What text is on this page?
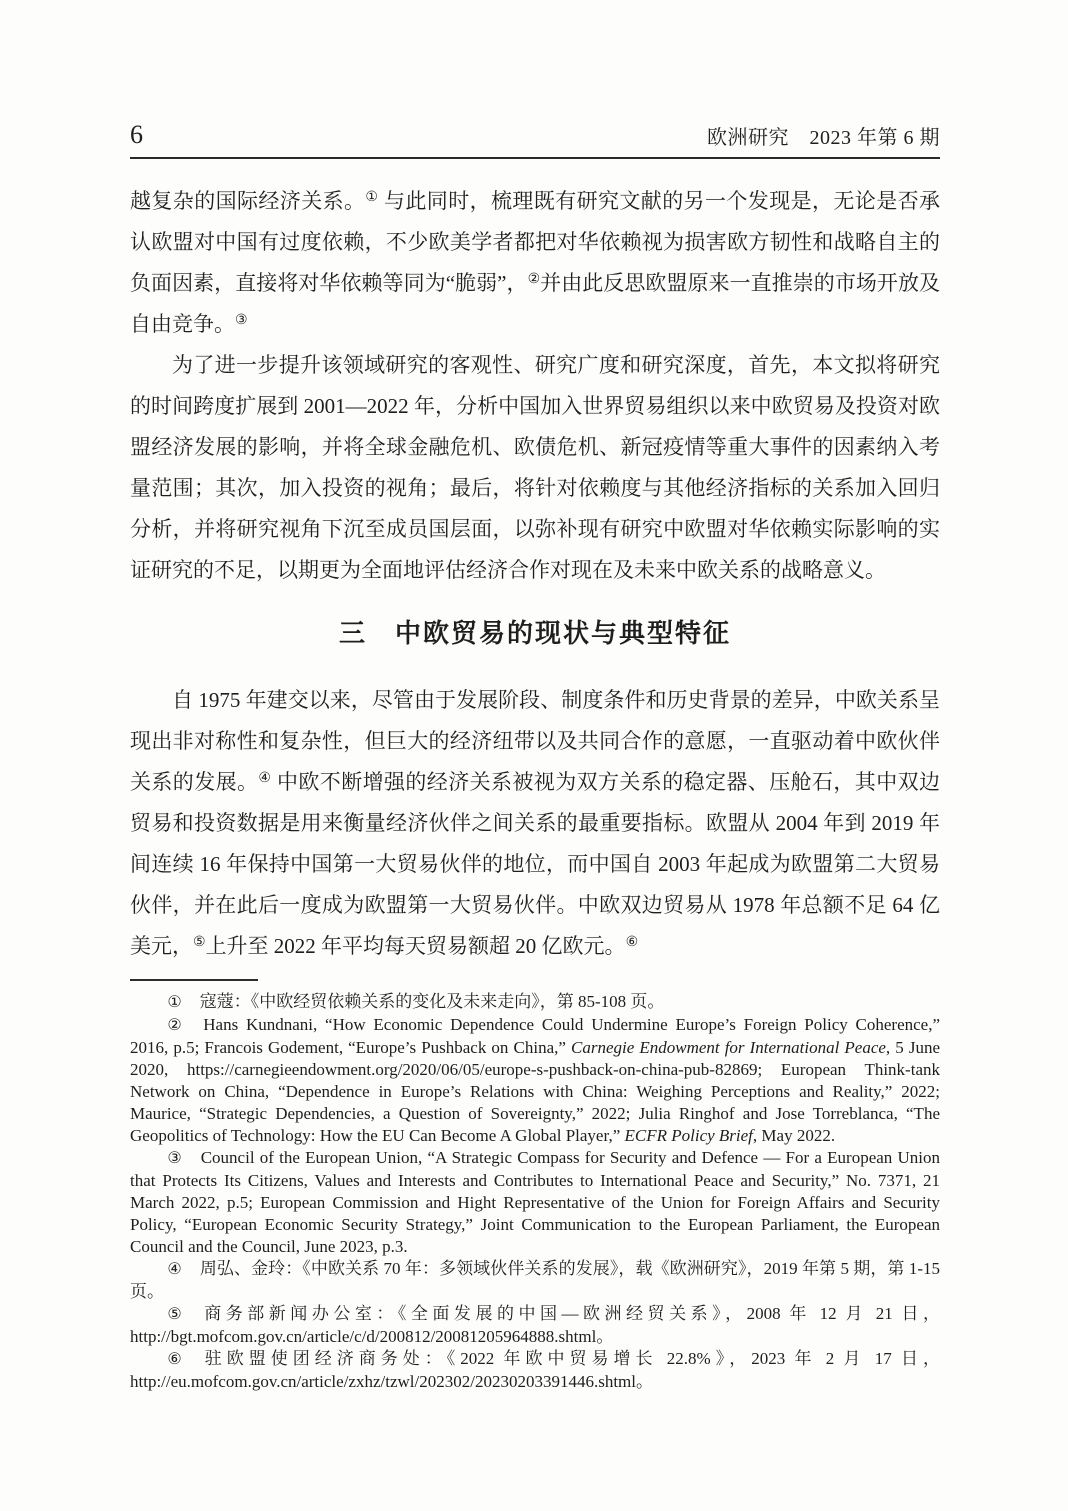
6	欧洲研究　2023 年第 6 期

越复杂的国际经济关系。① 与此同时，梳理既有研究文献的另一个发现是，无论是否承认欧盟对中国有过度依赖，不少欧美学者都把对华依赖视为损害欧方韧性和战略自主的负面因素，直接将对华依赖等同为“脆弱”，②并由此反思欧盟原来一直推崇的市场开放及自由竞争。③

为了进一步提升该领域研究的客观性、研究广度和研究深度，首先，本文拟将研究的时间跨度扩展到 2001—2022 年，分析中国加入世界贸易组织以来中欧贸易及投资对欧盟经济发展的影响，并将全球金融危机、欧债危机、新冠疫情等重大事件的因素纳入考量范围；其次，加入投资的视角；最后，将针对依赖度与其他经济指标的关系加入回归分析，并将研究视角下沉至成员国层面，以弥补现有研究中欧盟对华依赖实际影响的实证研究的不足，以期更为全面地评估经济合作对现在及未来中欧关系的战略意义。

三　中欧贸易的现状与典型特征

自 1975 年建交以来，尽管由于发展阶段、制度条件和历史背景的差异，中欧关系呈现出非对称性和复杂性，但巨大的经济纽带以及共同合作的意愿，一直驱动着中欧伙伴关系的发展。④ 中欧不断增强的经济关系被视为双方关系的稳定器、压舱石，其中双边贸易和投资数据是用来衡量经济伙伴之间关系的最重要指标。欧盟从 2004 年到 2019 年间连续 16 年保持中国第一大贸易伙伴的地位，而中国自 2003 年起成为欧盟第二大贸易伙伴，并在此后一度成为欧盟第一大贸易伙伴。中欧双边贸易从 1978 年总额不足 64 亿美元，⑤上升至 2022 年平均每天贸易额超 20 亿欧元。⑥

① 寇蔻：《中欧经贸依赖关系的变化及未来走向》，第 85-108 页。

② Hans Kundnani, “How Economic Dependence Could Undermine Europe’s Foreign Policy Coherence,” 2016, p.5; Francois Godement, “Europe’s Pushback on China,” Carnegie Endowment for International Peace, 5 June 2020, https://carnegieendowment.org/2020/06/05/europe-s-pushback-on-china-pub-82869; European Think-tank Network on China, “Dependence in Europe’s Relations with China: Weighing Perceptions and Reality,” 2022; Maurice, “Strategic Dependencies, a Question of Sovereignty,” 2022; Julia Ringhof and Jose Torreblanca, “The Geopolitics of Technology: How the EU Can Become A Global Player,” ECFR Policy Brief, May 2022.

③ Council of the European Union, “A Strategic Compass for Security and Defence — For a European Union that Protects Its Citizens, Values and Interests and Contributes to International Peace and Security,” No. 7371, 21 March 2022, p.5; European Commission and Hight Representative of the Union for Foreign Affairs and Security Policy, “European Economic Security Strategy,” Joint Communication to the European Parliament, the European Council and the Council, June 2023, p.3.

④ 周弘、金玲：《中欧关系 70 年：多领域伙伴关系的发展》，载《欧洲研究》，2019 年第 5 期，第 1-15 页。

⑤ 商务部新闻办公室：《全面发展的中国—欧洲经贸关系》，2008 年 12 月 21 日，http://bgt.mofcom.gov.cn/article/c/d/200812/20081205964888.shtml。

⑥ 驻欧盟使团经济商务处：《2022 年欧中贸易增长 22.8%》，2023 年 2 月 17 日，http://eu.mofcom.gov.cn/article/zxhz/tzwl/202302/20230203391446.shtml。
